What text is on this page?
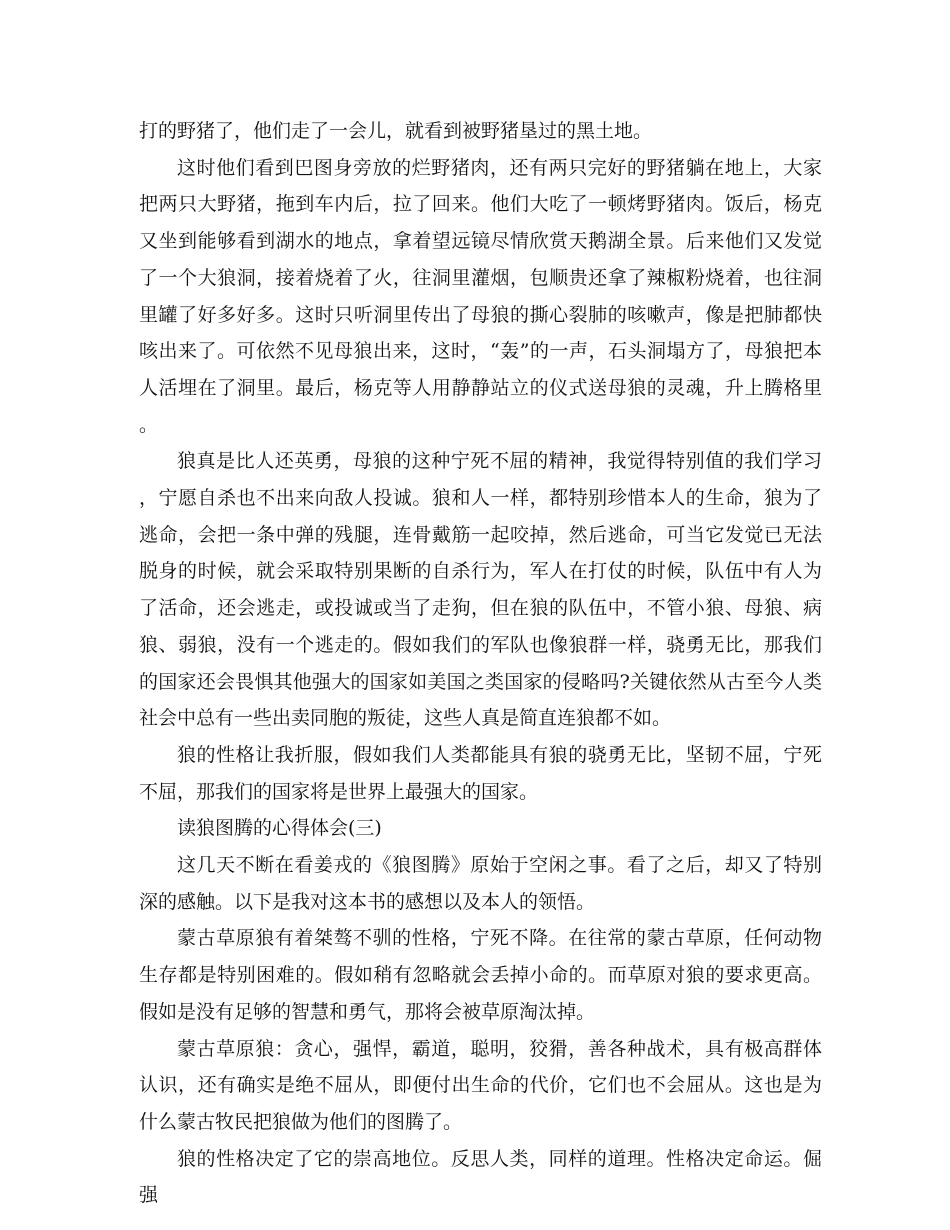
打的野猪了，他们走了一会儿，就看到被野猪垦过的黑土地。

这时他们看到巴图身旁放的烂野猪肉，还有两只完好的野猪躺在地上，大家把两只大野猪，拖到车内后，拉了回来。他们大吃了一顿烤野猪肉。饭后，杨克又坐到能够看到湖水的地点，拿着望远镜尽情欣赏天鹅湖全景。后来他们又发觉了一个大狼洞，接着烧着了火，往洞里灌烟，包顺贵还拿了辣椒粉烧着，也往洞里罐了好多好多。这时只听洞里传出了母狼的撕心裂肺的咳嗽声，像是把肺都快咳出来了。可依然不见母狼出来，这时，“轰”的一声，石头洞塌方了，母狼把本人活埋在了洞里。最后，杨克等人用静静站立的仪式送母狼的灵魂，升上腾格里。

狼真是比人还英勇，母狼的这种宁死不屈的精神，我觉得特别值的我们学习，宁愿自杀也不出来向敌人投诚。狼和人一样，都特别珍惜本人的生命，狼为了逃命，会把一条中弹的残腿，连骨戴筋一起咬掉，然后逃命，可当它发觉已无法脱身的时候，就会采取特别果断的自杀行为，军人在打仗的时候，队伍中有人为了活命，还会逃走，或投诚或当了走狗，但在狼的队伍中，不管小狼、母狼、病狼、弱狼，没有一个逃走的。假如我们的军队也像狼群一样，骁勇无比，那我们的国家还会畏惧其他强大的国家如美国之类国家的侵略吗?关键依然从古至今人类社会中总有一些出卖同胞的叛徒，这些人真是简直连狼都不如。

狼的性格让我折服，假如我们人类都能具有狼的骁勇无比，坚韧不屈，宁死不屈，那我们的国家将是世界上最强大的国家。

读狼图腾的心得体会(三)

这几天不断在看姜戎的《狼图腾》原始于空闲之事。看了之后，却又了特别深的感触。以下是我对这本书的感想以及本人的领悟。

蒙古草原狼有着桀骜不驯的性格，宁死不降。在往常的蒙古草原，任何动物生存都是特别困难的。假如稍有忽略就会丢掉小命的。而草原对狼的要求更高。假如是没有足够的智慧和勇气，那将会被草原淘汰掉。

蒙古草原狼：贪心，强悍，霸道，聪明，狡猾，善各种战术，具有极高群体认识，还有确实是绝不屈从，即便付出生命的代价，它们也不会屈从。这也是为什么蒙古牧民把狼做为他们的图腾了。

狼的性格决定了它的崇高地位。反思人类，同样的道理。性格决定命运。倔强
